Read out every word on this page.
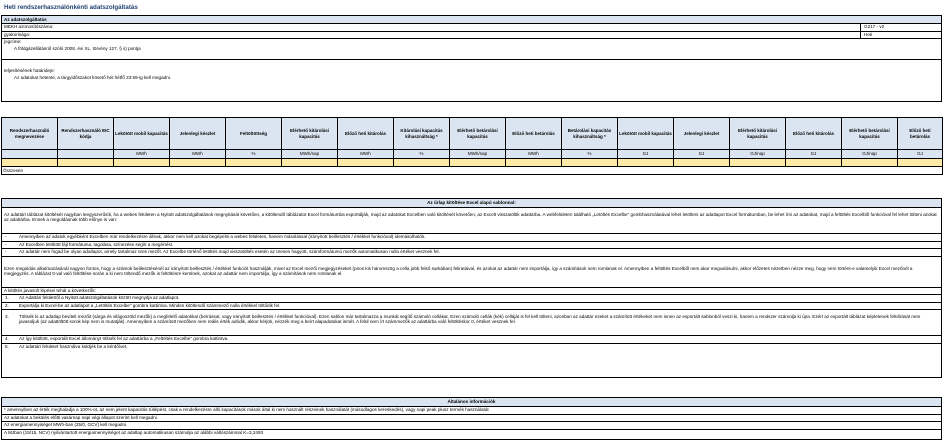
Heti rendszerhasználónkénti adatszolgáltatás
Az adatszolgáltatás
MEKH azonosítószáma:	G217 - v2
gyakorisága:	Heti
jogcíme:
A földgázellátásról szóló 2008. évi XL. törvény 127. § s) pontja
teljesítésének határideje:
Az adatokat hetente, a tárgyidőszakot követő hét hétfő 23:59-ig kell megadni.
Rendszerhasználó megnevezése	Rendszerhasználó EIC kódja	Lekötött mobil kapacitás	Jelenlegi készlet	Feltöltöttség	Elérhető kitárolási kapacitás	Előző heti kitárolás	Kitárolási kapacitás kihasználtság *	Elérhető betárolási kapacitás	Előző heti betárolás	Betárolási kapacitás kihasználtság *	Lekötött mobil kapacitás	Jelenlegi készlet	Elérhető kitárolási kapacitás	Előző heti kitárolás	Elérhető betárolási kapacitás	Előző heti betárolás
		MWh	MWh	%	MWh/nap	MWh	%	MWh/nap	MWh	%	GJ	GJ	GJ/nap	GJ	GJ/nap	GJ

Összesen																
Az űrlap kitöltése Excel alapú sablonnal:
Az adattári táblázat kitöltését nagyban leegyszerűsíti, ha a webes felületen a Nyitott adatszolgáltatások megnyitását követően, a kitöltendő táblázatot Excel formátumba exportálják, majd az adatokat Excelben való kitöltését követően, az Excelt visszatöltik adattárba. A webfelületen található „Letöltés Excelbe" gombhasználatával lehet letölteni az adatlapot Excel formátumban, be lehet írni az adatokat, majd a feltöltés Excelből funkcióval fel lehet tölteni azokat az adattárba. Ennek a megoldásnak több előnye is van:
-	Amennyiben az adatok egyébként Excelben már rendelkezésre állnak, akkor nem kell azokat begépelni a webes felületen, hanem másolással (irányított beillesztés / értékkel funkcióval) idemásolhatók.
-	Az Excelben letöltött fájl formátuma, tagolása, színezése segíti a megértést.
-	Az adattár nem fogad be olyan adatlapot, amely tartalmaz üres mezőt. Az Excelbe történő letöltés majd visszatöltés esetén az üresen hagyott, számformátumú mezők automatikusan nulla értéket vesznek fel.
Ezen megoldás alkalmazásánál nagyon fontos, hogy a számok beillesztésénél az irányított beillesztés / értékkel funkciót használják, mivel az Excel mezői megjegyzéseket (piros kis háromszög a cella jobb felső sarkában) feliratiával, és azokat az adattár nem importálja, így a számítások nem romlanak el. Amennyiben a feltöltés Excelből nem akar megvalósulni, akkor előzetes nézetben nézze meg, hogy nem történt-e valamelyik Excel mezőnél a megjegyzés. A táblázat 0-val való feltöltése során a ki nem töltendő mezők is feltöltésre kerülnek, azokat az adattár nem importálja, így a számítások nem romlanak el.
A kitöltés javasolt lépései tehát a következők:
1.	Az Adattári felületről a Nyitott adatszolgáltatások között megnyitja az adatlapot.
2.	Exportálja ki Excel-be az adatlapot a „Letöltés Excelbe" gombra kattintva. Minden kitöltendő számmező nulla értékkel töltődik fel.
3.	Töltsék ki az adatlap beviteli mezőit (sárga és világoszöld mezők) a megfelelő adatokkal (beírással, vagy irányított beillesztés / értékkel funkcióval). Ezen sablon már tartalmazza a munkát segítő számoló cellákat. Ezen számoló cellák (kék) celláját is fel kell tölteni, azonban az adattár ezeket a számított értékeket nem innen az exportált sablonból veszi ki, hanem a rendszer számolja ki újra. Ezért az exportált táblázat képletenek felülírását nem javasoljuk (az adattöltött sorok kép nem is mutatják). Amennyiben a számított mezőben nem reális érték adódik, akkor kérjük, nézzék meg a beírt alapadatokat ismét. A felül nem írt számmezők az adattárba való feltöltéskor 0, értéket vesznek fel.
4.	Az így kitöltött, exportált Excel állományt töltsék fel az adattárba a „Feltöltés Excelbe" gombra kattintva.
5.	Az adattári felületet használva küldjék be a kérdőívet.
Általános információk
* amennyiben az érték meghaladja a 100%-ot, az nem jelent kapacitás túllépést, csak a rendelkezésre álló kapacitások mások által ki nem használt részeinek használatát (másodlagos kereskedés), vagy napi peak plusz termék használatát
Az adatokat a bekülés előtti vasárnap napi végi állapot szerint kell megadni.
Az energiamennyiséget MWh-ban (25/0, GCV) kell megadni.
A MJban (15/15, NCV) nyilvántartott energiamennyiséget az adatlap automatikusan számolja az alábbi váltószámmal K=3,2493
